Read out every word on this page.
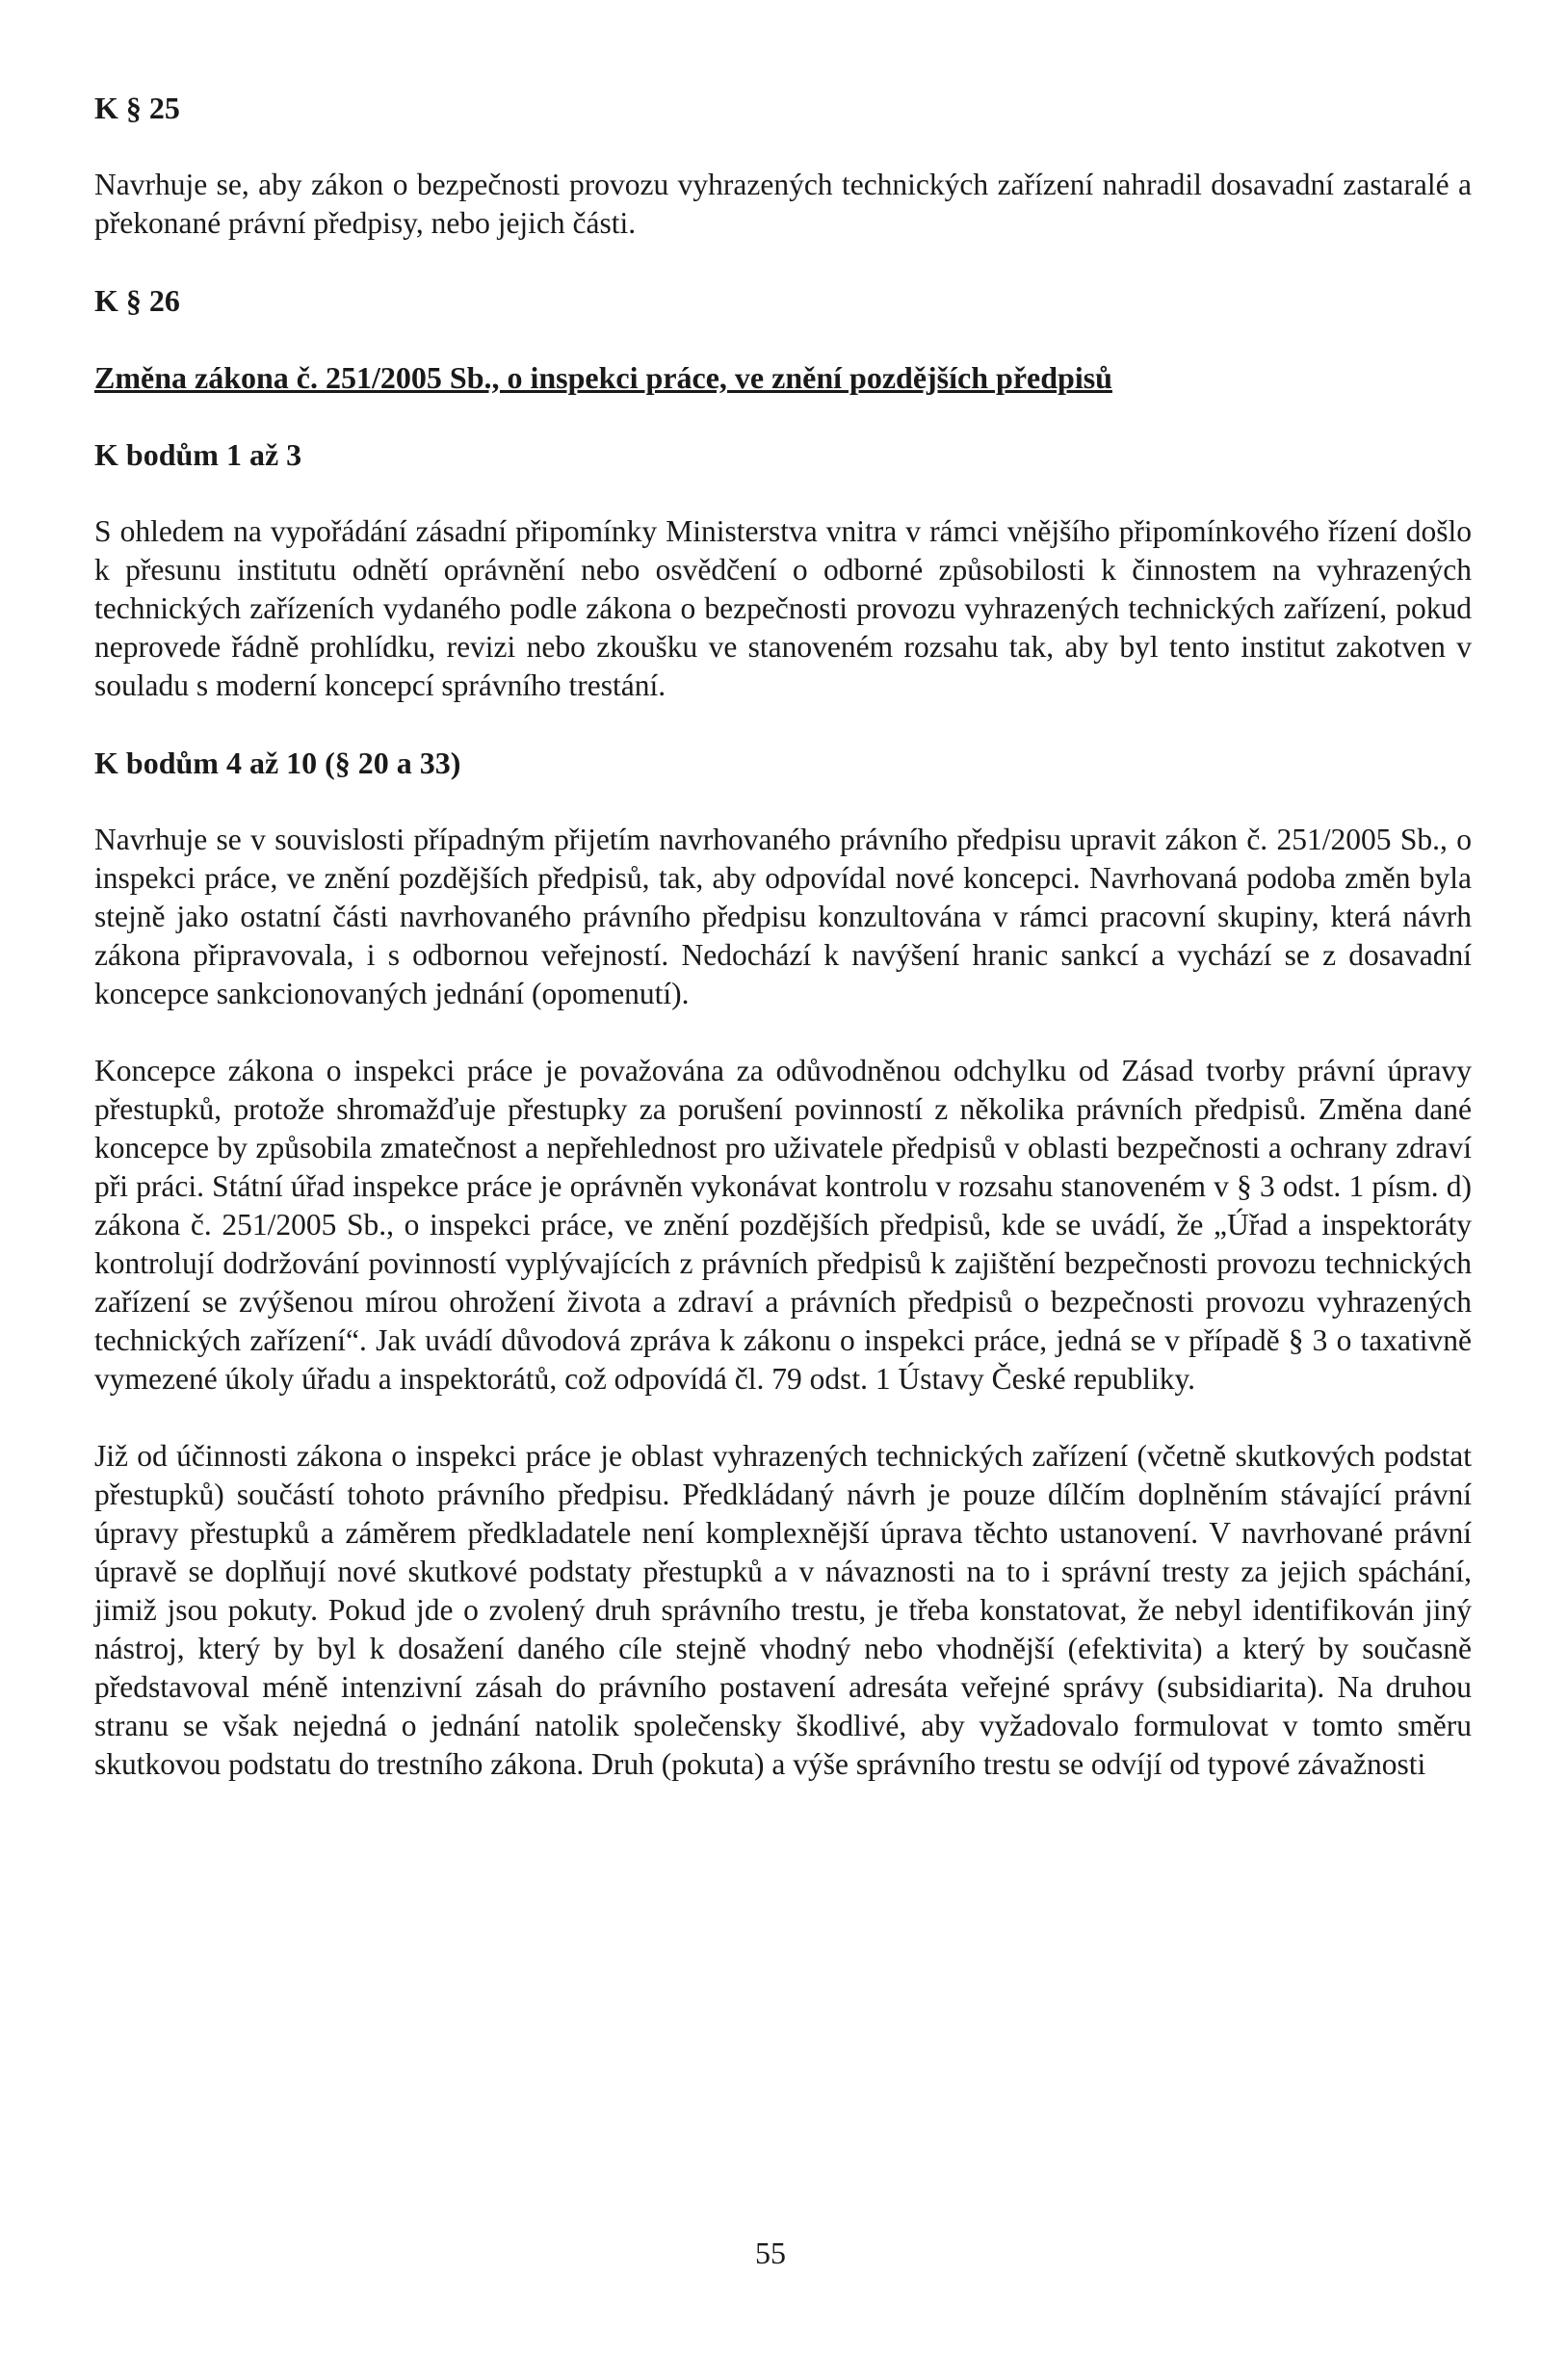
K § 25

Navrhuje se, aby zákon o bezpečnosti provozu vyhrazených technických zařízení nahradil dosavadní zastaralé a překonané právní předpisy, nebo jejich části.

K § 26

Změna zákona č. 251/2005 Sb., o inspekci práce, ve znění pozdějších předpisů

K bodům 1 až 3

S ohledem na vypořádání zásadní připomínky Ministerstva vnitra v rámci vnějšího připomínkového řízení došlo k přesunu institutu odnětí oprávnění nebo osvědčení o odborné způsobilosti k činnostem na vyhrazených technických zařízeních vydaného podle zákona o bezpečnosti provozu vyhrazených technických zařízení, pokud neprovede řádně prohlídku, revizi nebo zkoušku ve stanoveném rozsahu tak, aby byl tento institut zakotven v souladu s moderní koncepcí správního trestání.

K bodům 4 až 10 (§ 20 a 33)

Navrhuje se v souvislosti případným přijetím navrhovaného právního předpisu upravit zákon č. 251/2005 Sb., o inspekci práce, ve znění pozdějších předpisů, tak, aby odpovídal nové koncepci. Navrhovaná podoba změn byla stejně jako ostatní části navrhovaného právního předpisu konzultována v rámci pracovní skupiny, která návrh zákona připravovala, i s odbornou veřejností. Nedochází k navýšení hranic sankcí a vychází se z dosavadní koncepce sankcionovaných jednání (opomenutí).

Koncepce zákona o inspekci práce je považována za odůvodněnou odchylku od Zásad tvorby právní úpravy přestupků, protože shromažďuje přestupky za porušení povinností z několika právních předpisů. Změna dané koncepce by způsobila zmatečnost a nepřehlednost pro uživatele předpisů v oblasti bezpečnosti a ochrany zdraví při práci. Státní úřad inspekce práce je oprávněn vykonávat kontrolu v rozsahu stanoveném v § 3 odst. 1 písm. d) zákona č. 251/2005 Sb., o inspekci práce, ve znění pozdějších předpisů, kde se uvádí, že „Úřad a inspektoráty kontrolují dodržování povinností vyplývajících z právních předpisů k zajištění bezpečnosti provozu technických zařízení se zvýšenou mírou ohrožení života a zdraví a právních předpisů o bezpečnosti provozu vyhrazených technických zařízení“. Jak uvádí důvodová zpráva k zákonu o inspekci práce, jedná se v případě § 3 o taxativně vymezené úkoly úřadu a inspektorátů, což odpovídá čl. 79 odst. 1 Ústavy České republiky.

Již od účinnosti zákona o inspekci práce je oblast vyhrazených technických zařízení (včetně skutkových podstat přestupků) součástí tohoto právního předpisu. Předkládaný návrh je pouze dílčím doplněním stávající právní úpravy přestupků a záměrem předkladatele není komplexnější úprava těchto ustanovení. V navrhované právní úpravě se doplňují nové skutkové podstaty přestupků a v návaznosti na to i správní tresty za jejich spáchání, jimiž jsou pokuty. Pokud jde o zvolený druh správního trestu, je třeba konstatovat, že nebyl identifikován jiný nástroj, který by byl k dosažení daného cíle stejně vhodný nebo vhodnější (efektivita) a který by současně představoval méně intenzivní zásah do právního postavení adresáta veřejné správy (subsidiarita). Na druhou stranu se však nejedná o jednání natolik společensky škodlivé, aby vyžadovalo formulovat v tomto směru skutkovou podstatu do trestního zákona. Druh (pokuta) a výše správního trestu se odvíjí od typové závažnosti

55
